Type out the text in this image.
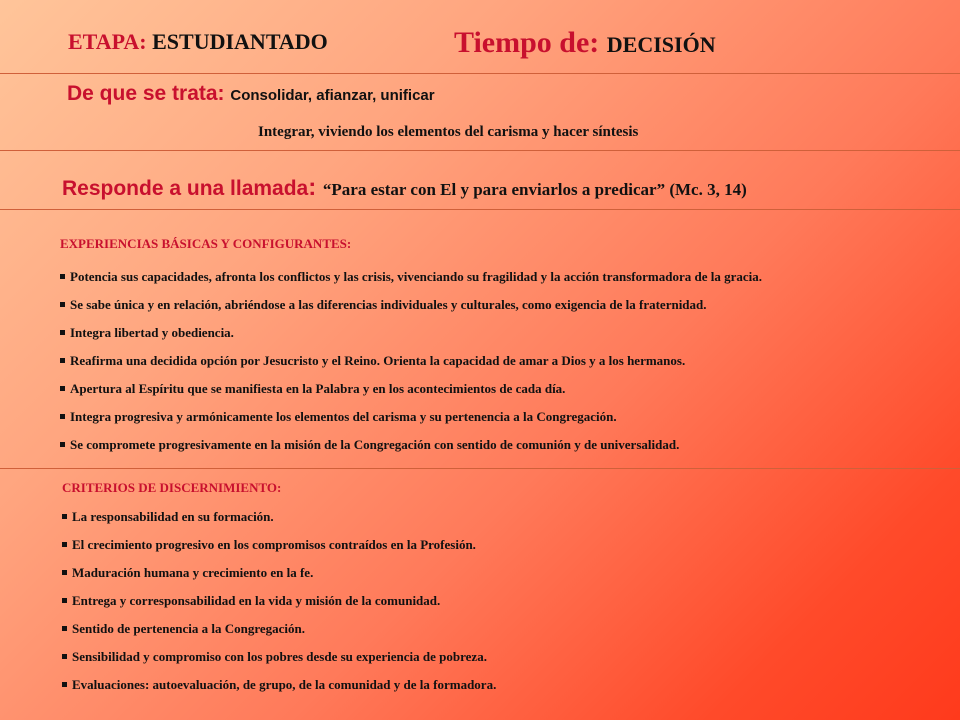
ETAPA: ESTUDIANTADO	Tiempo de: DECISIÓN
De que se trata: Consolidar, afianzar, unificar
Integrar, viviendo los elementos del carisma y hacer síntesis
Responde a una llamada: “Para estar con El y para enviarlos a predicar” (Mc. 3, 14)
EXPERIENCIAS BÁSICAS Y CONFIGURANTES:
Potencia sus capacidades, afronta los conflictos y las crisis, vivenciando su fragilidad y la acción transformadora de la gracia.
Se sabe única y en relación, abriéndose a las diferencias individuales y culturales, como exigencia de la fraternidad.
Integra libertad y obediencia.
Reafirma una decidida opción por Jesucristo y el Reino. Orienta la capacidad de amar a Dios y a los hermanos.
Apertura al Espíritu que se manifiesta en la Palabra y en los acontecimientos de cada día.
Integra progresiva y armónicamente los elementos del carisma y su pertenencia a la Congregación.
Se compromete progresivamente en la misión de la Congregación con sentido de comunión y de universalidad.
CRITERIOS DE DISCERNIMIENTO:
La responsabilidad en su formación.
El crecimiento progresivo en los compromisos contraídos en la Profesión.
Maduración humana y crecimiento en la fe.
Entrega y corresponsabilidad en la vida y misión de la comunidad.
Sentido de pertenencia a la Congregación.
Sensibilidad y compromiso con los pobres desde su experiencia de pobreza.
Evaluaciones: autoevaluación, de grupo, de la comunidad y de la formadora.
